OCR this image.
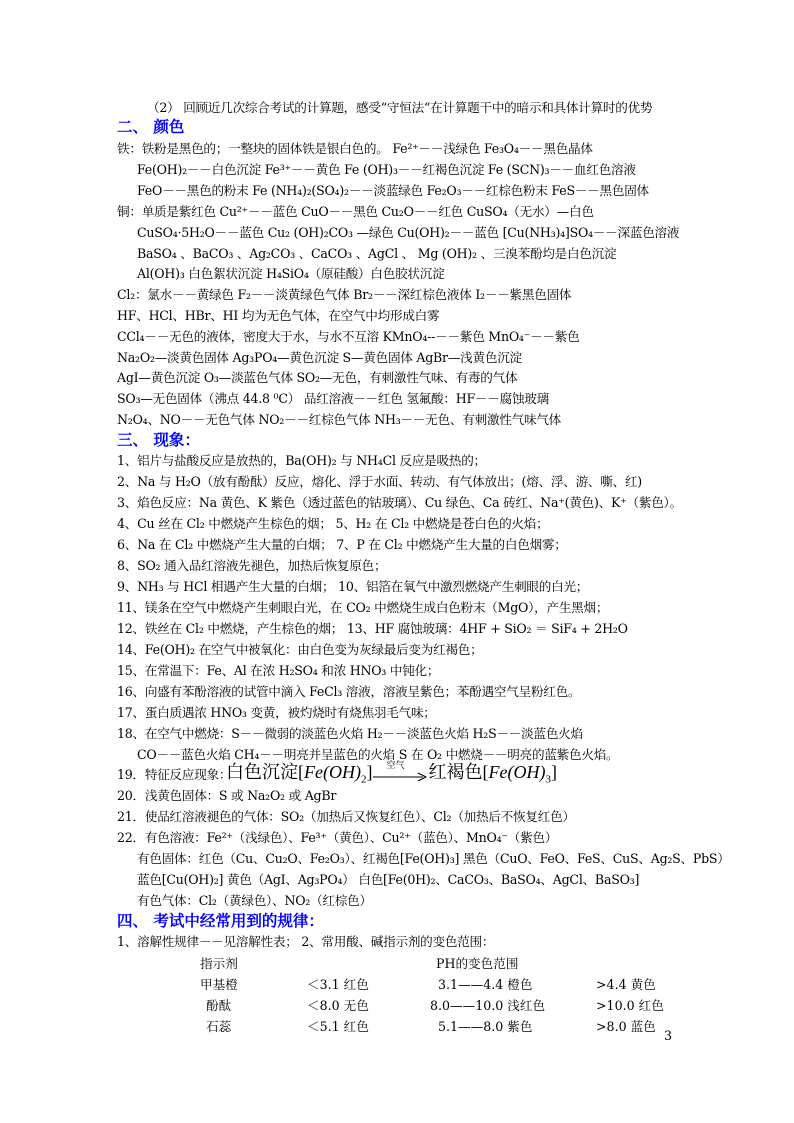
（2） 回顾近几次综合考试的计算题，感受“守恒法“在计算题干中的暗示和具体计算时的优势
二、 颜色
铁：铁粉是黑色的；一整块的固体铁是银白色的。 Fe²⁺－－浅绿色 Fe₃O₄－－黑色晶体
Fe(OH)₂－－白色沉淀 Fe³⁺－－黄色 Fe (OH)₃－－红褐色沉淀 Fe (SCN)₃－－血红色溶液
FeO－－黑色的粉末 Fe (NH₄)₂(SO₄)₂－－淡蓝绿色 Fe₂O₃－－红棕色粉末 FeS－－黑色固体
铜：单质是紫红色 Cu²⁺－－蓝色 CuO－－黑色 Cu₂O－－红色 CuSO₄（无水）—白色
CuSO₄·5H₂O－－蓝色 Cu₂ (OH)₂CO₃ —绿色 Cu(OH)₂－－蓝色 [Cu(NH₃)₄]SO₄－－深蓝色溶液
BaSO₄ 、BaCO₃ 、Ag₂CO₃ 、CaCO₃ 、AgCl 、 Mg (OH)₂ 、三溴苯酚均是白色沉淀
Al(OH)₃ 白色絮状沉淀 H₄SiO₄（原硅酸）白色胶状沉淀
Cl₂：氯水－－黄绿色 F₂－－淡黄绿色气体 Br₂－－深红棕色液体 I₂－－紫黑色固体
HF、HCl、HBr、HI 均为无色气体，在空气中均形成白雾
CCl₄－－无色的液体，密度大于水，与水不互溶 KMnO₄--－－紫色 MnO₄⁻－－紫色
Na₂O₂—淡黄色固体 Ag₃PO₄—黄色沉淀 S—黄色固体 AgBr—浅黄色沉淀
AgI—黄色沉淀 O₃—淡蓝色气体 SO₂—无色，有刺激性气味、有毒的气体
SO₃—无色固体（沸点 44.8 ⁰C） 品红溶液－－红色 氢氟酸：HF－－腐蚀玻璃
N₂O₄、NO－－无色气体 NO₂－－红棕色气体 NH₃－－无色、有刺激性气味气体
三、 现象：
1、铝片与盐酸反应是放热的，Ba(OH)₂ 与 NH₄Cl 反应是吸热的；
2、Na 与 H₂O（放有酚酞）反应，熔化、浮于水面、转动、有气体放出；(熔、浮、游、嘶、红)
3、焰色反应：Na 黄色、K 紫色（透过蓝色的钴玻璃）、Cu 绿色、Ca 砖红、Na⁺(黄色)、K⁺（紫色）。
4、Cu 丝在 Cl₂ 中燃烧产生棕色的烟； 5、H₂ 在 Cl₂ 中燃烧是苍白色的火焰；
6、Na 在 Cl₂ 中燃烧产生大量的白烟； 7、P 在 Cl₂ 中燃烧产生大量的白色烟雾；
8、SO₂ 通入品红溶液先褪色，加热后恢复原色；
9、NH₃ 与 HCl 相遇产生大量的白烟； 10、铝箔在氧气中激烈燃烧产生刺眼的白光；
11、镁条在空气中燃烧产生刺眼白光，在 CO₂ 中燃烧生成白色粉末（MgO），产生黑烟；
12、铁丝在 Cl₂ 中燃烧，产生棕色的烟； 13、HF 腐蚀玻璃：4HF + SiO₂ ＝ SiF₄ + 2H₂O
14、Fe(OH)₂ 在空气中被氧化：由白色变为灰绿最后变为红褐色；
15、在常温下：Fe、Al 在浓 H₂SO₄ 和浓 HNO₃ 中钝化；
16、向盛有苯酚溶液的试管中滴入 FeCl₃ 溶液，溶液呈紫色；苯酚遇空气呈粉红色。
17、蛋白质遇浓 HNO₃ 变黄，被灼烧时有烧焦羽毛气味；
18、在空气中燃烧：S－－微弱的淡蓝色火焰 H₂－－淡蓝色火焰 H₂S－－淡蓝色火焰
CO－－蓝色火焰 CH₄－－明亮并呈蓝色的火焰 S 在 O₂ 中燃烧－－明亮的蓝紫色火焰。
19．特征反应现象：
白色沉淀$[Fe(OH)_2]$ 空气 红褐色$[Fe(OH)_3]$
20．浅黄色固体：S 或 Na₂O₂ 或 AgBr
21．使品红溶液褪色的气体：SO₂（加热后又恢复红色）、Cl₂（加热后不恢复红色）
22．有色溶液：Fe²⁺（浅绿色）、Fe³⁺（黄色）、Cu²⁺（蓝色）、MnO₄⁻（紫色）
有色固体：红色（Cu、Cu₂O、Fe₂O₃）、红褐色[Fe(OH)₃] 黑色（CuO、FeO、FeS、CuS、Ag₂S、PbS）
蓝色[Cu(OH)₂] 黄色（AgI、Ag₃PO₄） 白色[Fe(0H)₂、CaCO₃、BaSO₄、AgCl、BaSO₃]
有色气体：Cl₂（黄绿色）、NO₂（红棕色）
四、 考试中经常用到的规律：
1、溶解性规律－－见溶解性表； 2、常用酸、碱指示剂的变色范围：
指示剂	PH的变色范围
甲基橙	＜3.1 红色	3.1——4.4 橙色	>4.4 黄色
酚酞	＜8.0 无色	8.0——10.0 浅红色	>10.0 红色
石蕊	＜5.1 红色	5.1——8.0 紫色	>8.0 蓝色
3
